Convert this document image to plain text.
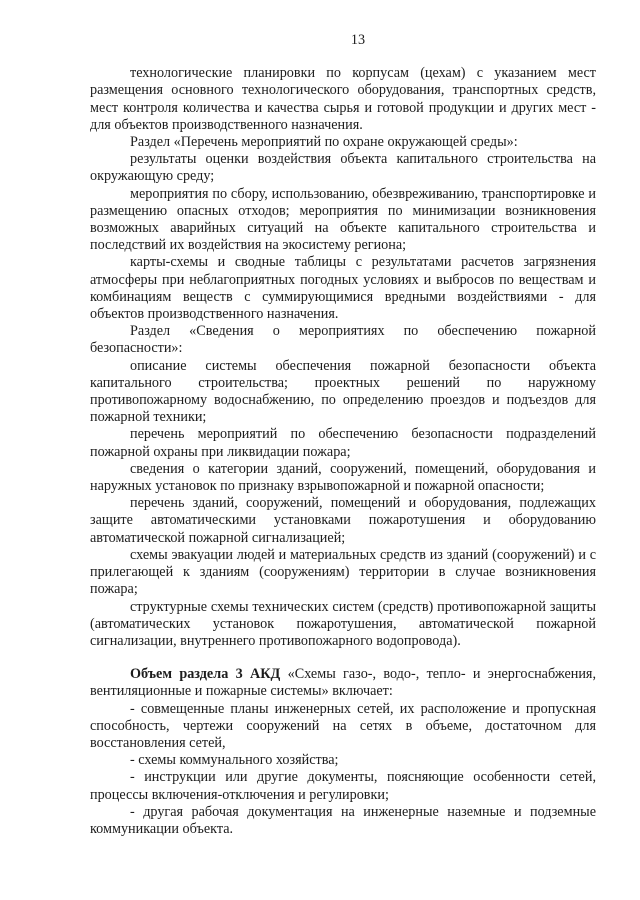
13

технологические планировки по корпусам (цехам) с указанием мест размещения основного технологического оборудования, транспортных средств, мест контроля количества и качества сырья и готовой продукции и других мест - для объектов производственного назначения.

Раздел «Перечень мероприятий по охране окружающей среды»:

результаты оценки воздействия объекта капитального строительства на окружающую среду;

мероприятия по сбору, использованию, обезвреживанию, транспортировке и размещению опасных отходов; мероприятия по минимизации возникновения возможных аварийных ситуаций на объекте капитального строительства и последствий их воздействия на экосистему региона;

карты-схемы и сводные таблицы с результатами расчетов загрязнения атмосферы при неблагоприятных погодных условиях и выбросов по веществам и комбинациям веществ с суммирующимися вредными воздействиями - для объектов производственного назначения.

Раздел «Сведения о мероприятиях по обеспечению пожарной безопасности»:

описание системы обеспечения пожарной безопасности объекта капитального строительства; проектных решений по наружному противопожарному водоснабжению, по определению проездов и подъездов для пожарной техники;

перечень мероприятий по обеспечению безопасности подразделений пожарной охраны при ликвидации пожара;

сведения о категории зданий, сооружений, помещений, оборудования и наружных установок по признаку взрывопожарной и пожарной опасности;

перечень зданий, сооружений, помещений и оборудования, подлежащих защите автоматическими установками пожаротушения и оборудованию автоматической пожарной сигнализацией;

схемы эвакуации людей и материальных средств из зданий (сооружений) и с прилегающей к зданиям (сооружениям) территории в случае возникновения пожара;

структурные схемы технических систем (средств) противопожарной защиты (автоматических установок пожаротушения, автоматической пожарной сигнализации, внутреннего противопожарного водопровода).

Объем раздела 3 АКД «Схемы газо-, водо-, тепло- и энергоснабжения, вентиляционные и пожарные системы» включает:

- совмещенные планы инженерных сетей, их расположение и пропускная способность, чертежи сооружений на сетях в объеме, достаточном для восстановления сетей,

- схемы коммунального хозяйства;

- инструкции или другие документы, поясняющие особенности сетей, процессы включения-отключения и регулировки;

- другая рабочая документация на инженерные наземные и подземные коммуникации объекта.
